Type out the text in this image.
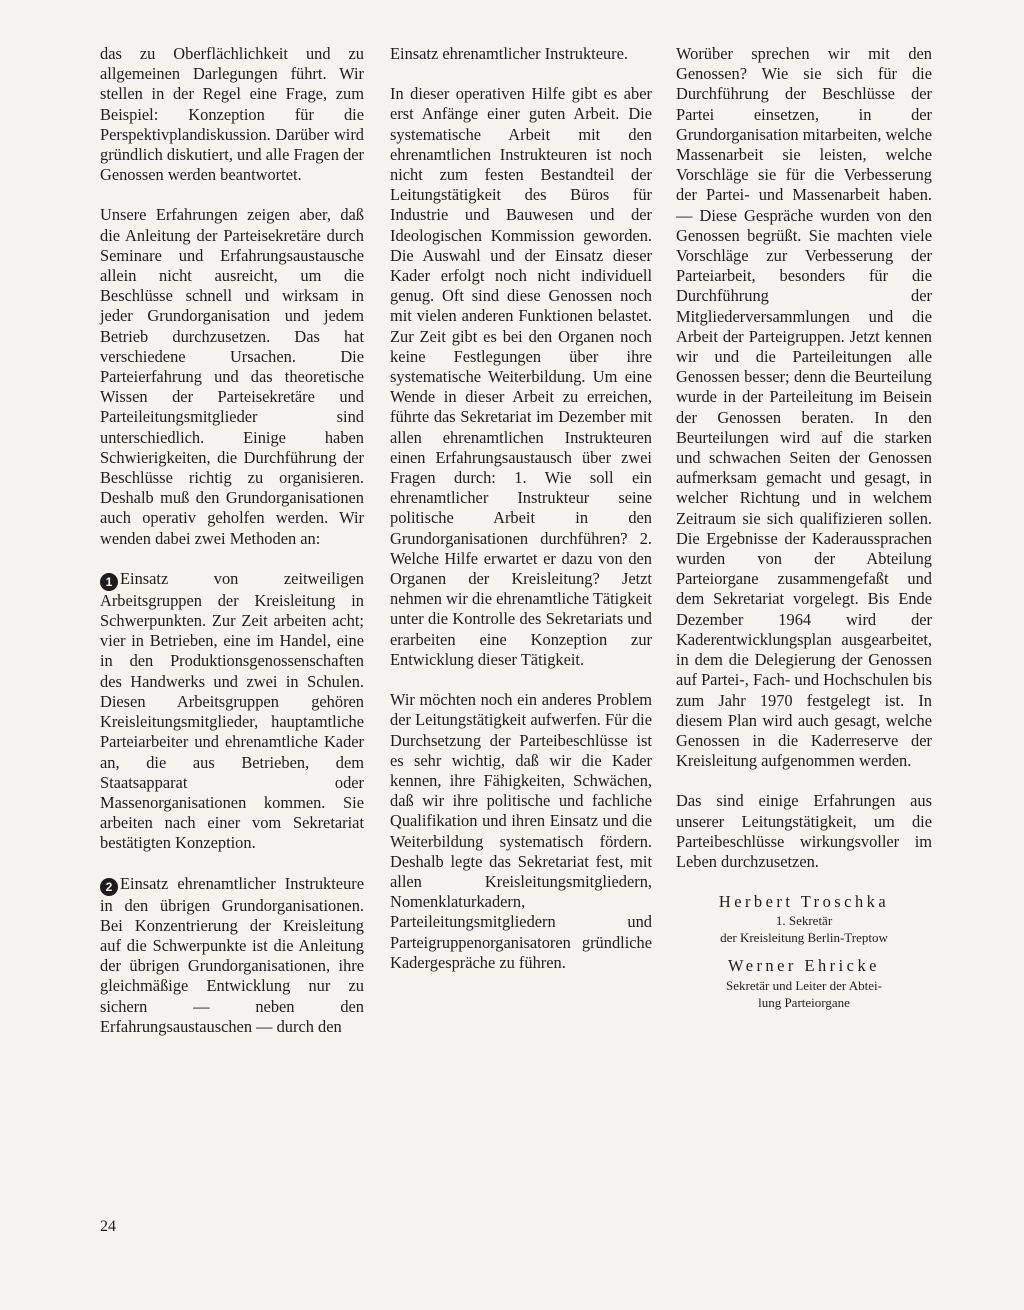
das zu Oberflächlichkeit und zu allgemeinen Darlegungen führt. Wir stellen in der Regel eine Frage, zum Beispiel: Konzeption für die Perspektivplandiskussion. Darüber wird gründlich diskutiert, und alle Fragen der Genossen werden beantwortet.

Unsere Erfahrungen zeigen aber, daß die Anleitung der Parteisekretäre durch Seminare und Erfahrungsaustausche allein nicht ausreicht, um die Beschlüsse schnell und wirksam in jeder Grundorganisation und jedem Betrieb durchzusetzen. Das hat verschiedene Ursachen. Die Parteierfahrung und das theoretische Wissen der Parteisekretäre und Parteileitungsmitglieder sind unterschiedlich. Einige haben Schwierigkeiten, die Durchführung der Beschlüsse richtig zu organisieren. Deshalb muß den Grundorganisationen auch operativ geholfen werden. Wir wenden dabei zwei Methoden an:

1 Einsatz von zeitweiligen Arbeitsgruppen der Kreisleitung in Schwerpunkten. Zur Zeit arbeiten acht; vier in Betrieben, eine im Handel, eine in den Produktionsgenossenschaften des Handwerks und zwei in Schulen. Diesen Arbeitsgruppen gehören Kreisleitungsmitglieder, hauptamtliche Parteiarbeiter und ehrenamtliche Kader an, die aus Betrieben, dem Staatsapparat oder Massenorganisationen kommen. Sie arbeiten nach einer vom Sekretariat bestätigten Konzeption.

2 Einsatz ehrenamtlicher Instrukteure in den übrigen Grundorganisationen. Bei Konzentrierung der Kreisleitung auf die Schwerpunkte ist die Anleitung der übrigen Grundorganisationen, ihre gleichmäßige Entwicklung nur zu sichern — neben den Erfahrungsaustauschen — durch den

Einsatz ehrenamtlicher Instrukteure.

In dieser operativen Hilfe gibt es aber erst Anfänge einer guten Arbeit. Die systematische Arbeit mit den ehrenamtlichen Instrukteuren ist noch nicht zum festen Bestandteil der Leitungstätigkeit des Büros für Industrie und Bauwesen und der Ideologischen Kommission geworden. Die Auswahl und der Einsatz dieser Kader erfolgt noch nicht individuell genug. Oft sind diese Genossen noch mit vielen anderen Funktionen belastet. Zur Zeit gibt es bei den Organen noch keine Festlegungen über ihre systematische Weiterbildung. Um eine Wende in dieser Arbeit zu erreichen, führte das Sekretariat im Dezember mit allen ehrenamtlichen Instrukteuren einen Erfahrungsaustausch über zwei Fragen durch: 1. Wie soll ein ehrenamtlicher Instrukteur seine politische Arbeit in den Grundorganisationen durchführen? 2. Welche Hilfe erwartet er dazu von den Organen der Kreisleitung? Jetzt nehmen wir die ehrenamtliche Tätigkeit unter die Kontrolle des Sekretariats und erarbeiten eine Konzeption zur Entwicklung dieser Tätigkeit.

Wir möchten noch ein anderes Problem der Leitungstätigkeit aufwerfen. Für die Durchsetzung der Parteibeschlüsse ist es sehr wichtig, daß wir die Kader kennen, ihre Fähigkeiten, Schwächen, daß wir ihre politische und fachliche Qualifikation und ihren Einsatz und die Weiterbildung systematisch fördern. Deshalb legte das Sekretariat fest, mit allen Kreisleitungsmitgliedern, Nomenklaturkadern, Parteileitungsmitgliedern und Parteigruppenorganisatoren gründliche Kadergespräche zu führen.

Worüber sprechen wir mit den Genossen? Wie sie sich für die Durchführung der Beschlüsse der Partei einsetzen, in der Grundorganisation mitarbeiten, welche Massenarbeit sie leisten, welche Vorschläge sie für die Verbesserung der Partei- und Massenarbeit haben. — Diese Gespräche wurden von den Genossen begrüßt. Sie machten viele Vorschläge zur Verbesserung der Parteiarbeit, besonders für die Durchführung der Mitgliederversammlungen und die Arbeit der Parteigruppen. Jetzt kennen wir und die Parteileitungen alle Genossen besser; denn die Beurteilung wurde in der Parteileitung im Beisein der Genossen beraten. In den Beurteilungen wird auf die starken und schwachen Seiten der Genossen aufmerksam gemacht und gesagt, in welcher Richtung und in welchem Zeitraum sie sich qualifizieren sollen. Die Ergebnisse der Kaderaussprachen wurden von der Abteilung Parteiorgane zusammengefaßt und dem Sekretariat vorgelegt. Bis Ende Dezember 1964 wird der Kaderentwicklungsplan ausgearbeitet, in dem die Delegierung der Genossen auf Partei-, Fach- und Hochschulen bis zum Jahr 1970 festgelegt ist. In diesem Plan wird auch gesagt, welche Genossen in die Kaderreserve der Kreisleitung aufgenommen werden.

Das sind einige Erfahrungen aus unserer Leitungstätigkeit, um die Parteibeschlüsse wirkungsvoller im Leben durchzusetzen.

Herbert Troschka
1. Sekretär
der Kreisleitung Berlin-Treptow
Werner Ehricke
Sekretär und Leiter der Abtei-
lung Parteiorgane
24
